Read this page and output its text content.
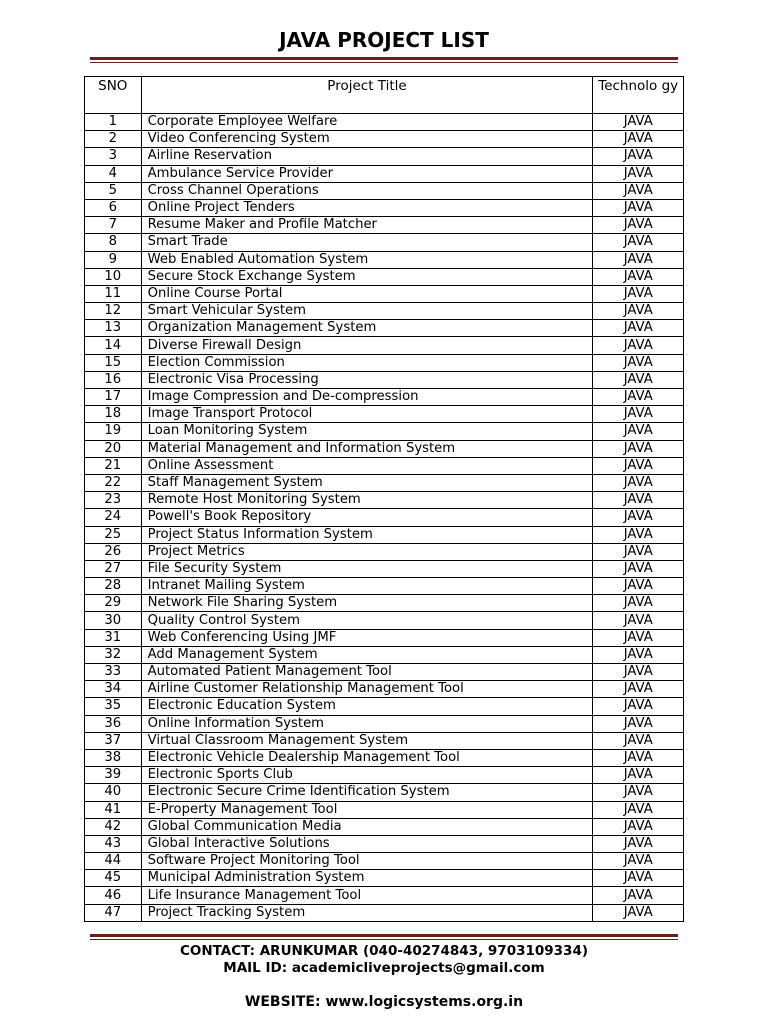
JAVA PROJECT LIST
SNO	Project Title	Technolo gy
1	Corporate Employee Welfare	JAVA
2	Video Conferencing System	JAVA
3	Airline Reservation	JAVA
4	Ambulance Service Provider	JAVA
5	Cross Channel Operations	JAVA
6	Online Project Tenders	JAVA
7	Resume Maker and Profile Matcher	JAVA
8	Smart Trade	JAVA
9	Web Enabled Automation System	JAVA
10	Secure Stock Exchange System	JAVA
11	Online Course Portal	JAVA
12	Smart Vehicular System	JAVA
13	Organization Management System	JAVA
14	Diverse Firewall Design	JAVA
15	Election Commission	JAVA
16	Electronic Visa Processing	JAVA
17	Image Compression and De-compression	JAVA
18	Image Transport Protocol	JAVA
19	Loan Monitoring System	JAVA
20	Material Management and Information System	JAVA
21	Online Assessment	JAVA
22	Staff Management System	JAVA
23	Remote Host Monitoring System	JAVA
24	Powell's Book Repository	JAVA
25	Project Status Information System	JAVA
26	Project Metrics	JAVA
27	File Security System	JAVA
28	Intranet Mailing System	JAVA
29	Network File Sharing System	JAVA
30	Quality Control System	JAVA
31	Web Conferencing Using JMF	JAVA
32	Add Management System	JAVA
33	Automated Patient Management Tool	JAVA
34	Airline Customer Relationship Management Tool	JAVA
35	Electronic Education System	JAVA
36	Online Information System	JAVA
37	Virtual Classroom Management System	JAVA
38	Electronic Vehicle Dealership Management Tool	JAVA
39	Electronic Sports Club	JAVA
40	Electronic Secure Crime Identification System	JAVA
41	E-Property Management Tool	JAVA
42	Global Communication Media	JAVA
43	Global Interactive Solutions	JAVA
44	Software Project Monitoring Tool	JAVA
45	Municipal Administration System	JAVA
46	Life Insurance Management Tool	JAVA
47	Project Tracking System	JAVA
CONTACT: ARUNKUMAR (040-40274843, 9703109334)
MAIL ID: academicliveprojects@gmail.com
WEBSITE: www.logicsystems.org.in
